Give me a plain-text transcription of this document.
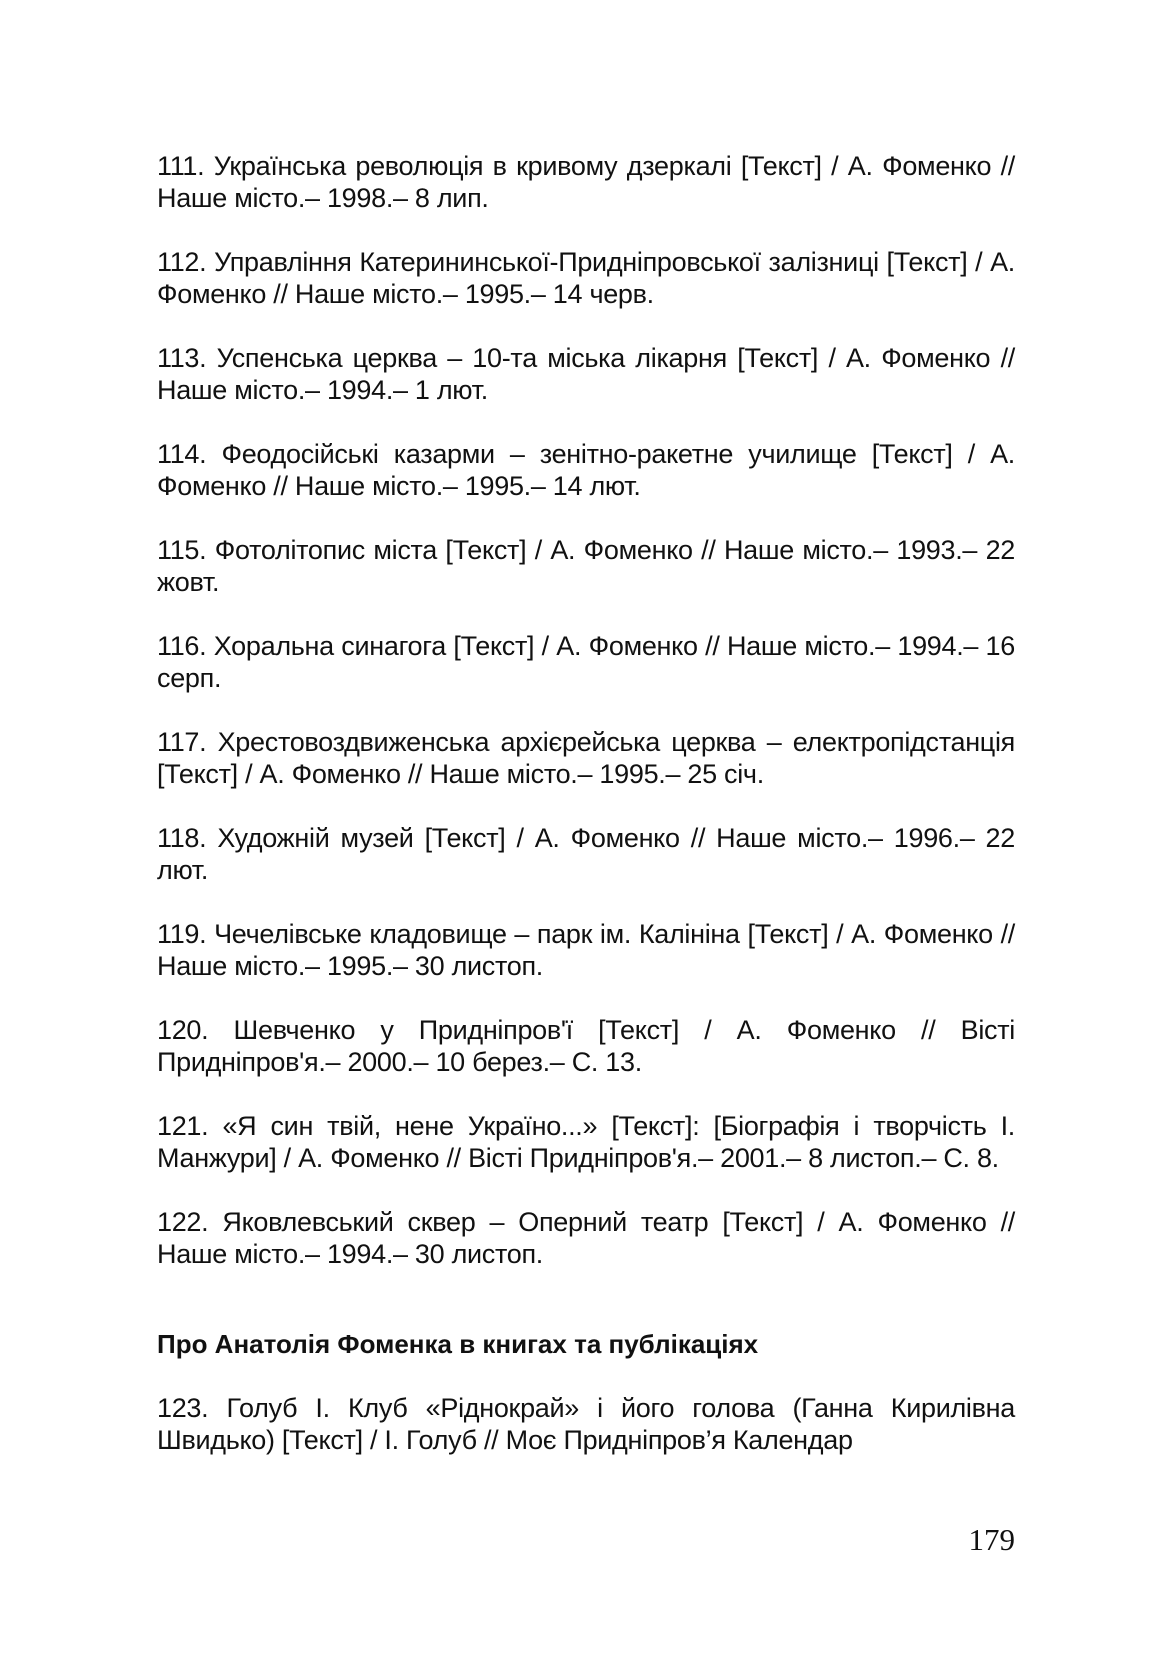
111. Українська революція в кривому дзеркалі [Текст] / А. Фоменко // Наше місто.– 1998.– 8 лип.

112. Управління Катерининської-Придніпровської залізниці [Текст] / А. Фоменко // Наше місто.– 1995.– 14 черв.

113. Успенська церква – 10-та міська лікарня [Текст] / А. Фоменко // Наше місто.– 1994.– 1 лют.

114. Феодосійські казарми – зенітно-ракетне училище [Текст] / А. Фоменко // Наше місто.– 1995.– 14 лют.

115. Фотолітопис міста [Текст] / А. Фоменко // Наше місто.– 1993.– 22 жовт.

116. Хоральна синагога [Текст] / А. Фоменко // Наше місто.– 1994.– 16 серп.

117. Хрестовоздвиженська архієрейська церква – електропідстанція [Текст] / А. Фоменко // Наше місто.– 1995.– 25 січ.

118. Художній музей [Текст] / А. Фоменко // Наше місто.– 1996.– 22 лют.

119. Чечелівське кладовище – парк ім. Калініна [Текст] / А. Фоменко // Наше місто.– 1995.– 30 листоп.

120. Шевченко у Придніпров'ї [Текст] / А. Фоменко // Вісті Придніпров'я.– 2000.– 10 берез.– С. 13.

121. «Я син твій, нене Україно...» [Текст]: [Біографія і творчість І. Манжури] / А. Фоменко // Вісті Придніпров'я.– 2001.– 8 листоп.– С. 8.

122. Яковлевський сквер – Оперний театр [Текст] / А. Фоменко // Наше місто.– 1994.– 30 листоп.

Про Анатолія Фоменка в книгах та публікаціях

123. Голуб І. Клуб «Ріднокрай» і його голова (Ганна Кирилівна Швидько) [Текст] / І. Голуб // Моє Придніпров’я Календар

179
